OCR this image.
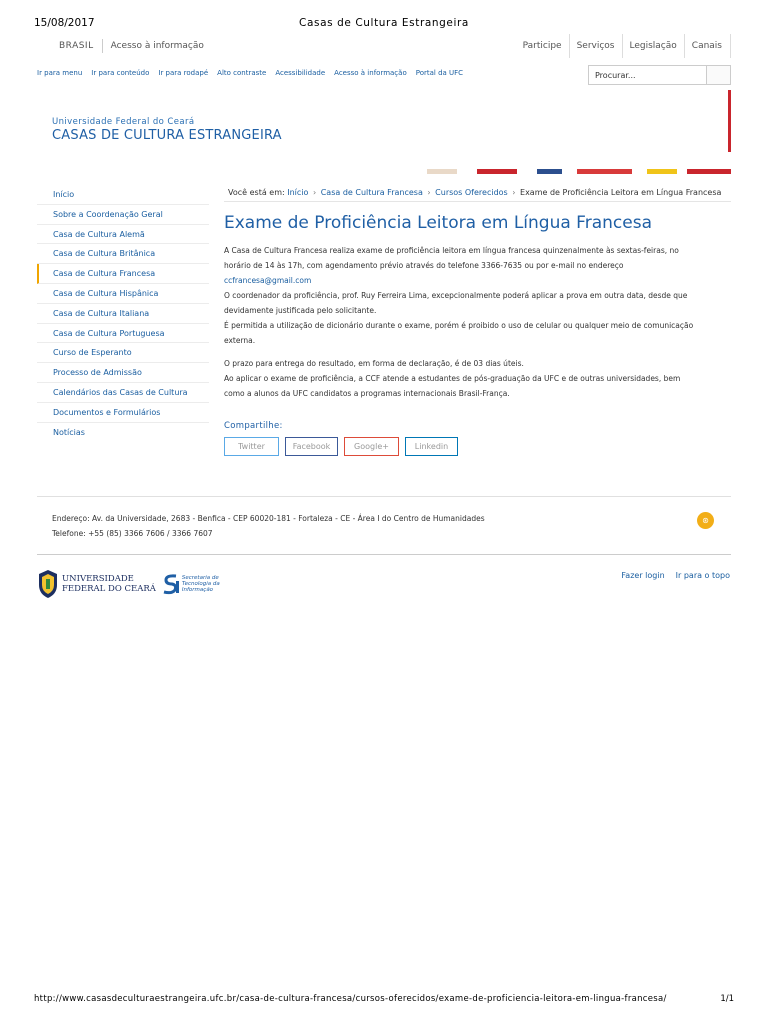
15/08/2017	Casas de Cultura Estrangeira
BRASIL	Acesso à informação	Participe	Serviços	Legislação	Canais
Ir para menu Ir para conteúdo Ir para rodapé Alto contraste Acessibilidade Acesso à informação Portal da UFC
Procurar...
Universidade Federal do Ceará
CASAS DE CULTURA ESTRANGEIRA
Início
Sobre a Coordenação Geral
Casa de Cultura Alemã
Casa de Cultura Britânica
Casa de Cultura Francesa
Casa de Cultura Hispânica
Casa de Cultura Italiana
Casa de Cultura Portuguesa
Curso de Esperanto
Processo de Admissão
Calendários das Casas de Cultura
Documentos e Formulários
Notícias
Você está em: Início › Casa de Cultura Francesa › Cursos Oferecidos › Exame de Proficiência Leitora em Língua Francesa
Exame de Proficiência Leitora em Língua Francesa

A Casa de Cultura Francesa realiza exame de proficiência leitora em língua francesa quinzenalmente às sextas-feiras, no
horário de 14 às 17h, com agendamento prévio através do telefone 3366-7635 ou por e-mail no endereço
ccfrancesa@gmail.com

O coordenador da proficiência, prof. Ruy Ferreira Lima, excepcionalmente poderá aplicar a prova em outra data, desde que
devidamente justificada pelo solicitante.

É permitida a utilização de dicionário durante o exame, porém é proibido o uso de celular ou qualquer meio de comunicação
externa.

O prazo para entrega do resultado, em forma de declaração, é de 03 dias úteis.
Ao aplicar o exame de proficiência, a CCF atende a estudantes de pós-graduação da UFC e de outras universidades, bem
como a alunos da UFC candidatos a programas internacionais Brasil-França.

Compartilhe:
Twitter	Facebook	Google+	Linkedin
Endereço: Av. da Universidade, 2683 - Benfica - CEP 60020-181 - Fortaleza - CE - Área I do Centro de Humanidades
Telefone: +55 (85) 3366 7606 / 3366 7607
⊛
UNIVERSIDADE
FEDERAL DO CEARÁ
Secretaria de
Tecnologia da
Informação
Fazer login Ir para o topo
http://www.casasdeculturaestrangeira.ufc.br/casa-de-cultura-francesa/cursos-oferecidos/exame-de-proficiencia-leitora-em-lingua-francesa/	1/1
